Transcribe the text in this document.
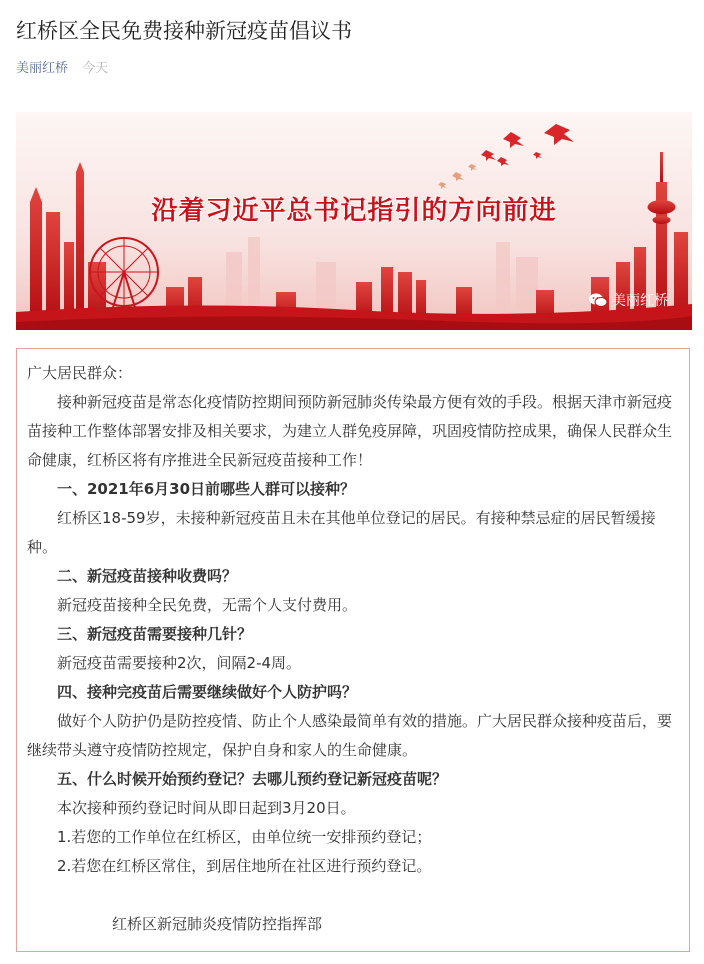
红桥区全民免费接种新冠疫苗倡议书
美丽红桥 今天
沿着习近平总书记指引的方向前进
美丽红桥

广大居民群众：

接种新冠疫苗是常态化疫情防控期间预防新冠肺炎传染最方便有效的手段。根据天津市新冠疫苗接种工作整体部署安排及相关要求，为建立人群免疫屏障，巩固疫情防控成果，确保人民群众生命健康，红桥区将有序推进全民新冠疫苗接种工作！

一、2021年6月30日前哪些人群可以接种？

红桥区18-59岁，未接种新冠疫苗且未在其他单位登记的居民。有接种禁忌症的居民暂缓接种。

二、新冠疫苗接种收费吗？

新冠疫苗接种全民免费，无需个人支付费用。

三、新冠疫苗需要接种几针？

新冠疫苗需要接种2次，间隔2-4周。

四、接种完疫苗后需要继续做好个人防护吗？

做好个人防护仍是防控疫情、防止个人感染最简单有效的措施。广大居民群众接种疫苗后，要继续带头遵守疫情防控规定，保护自身和家人的生命健康。

五、什么时候开始预约登记？去哪儿预约登记新冠疫苗呢？

本次接种预约登记时间从即日起到3月20日。

1.若您的工作单位在红桥区，由单位统一安排预约登记；

2.若您在红桥区常住，到居住地所在社区进行预约登记。

红桥区新冠肺炎疫情防控指挥部
